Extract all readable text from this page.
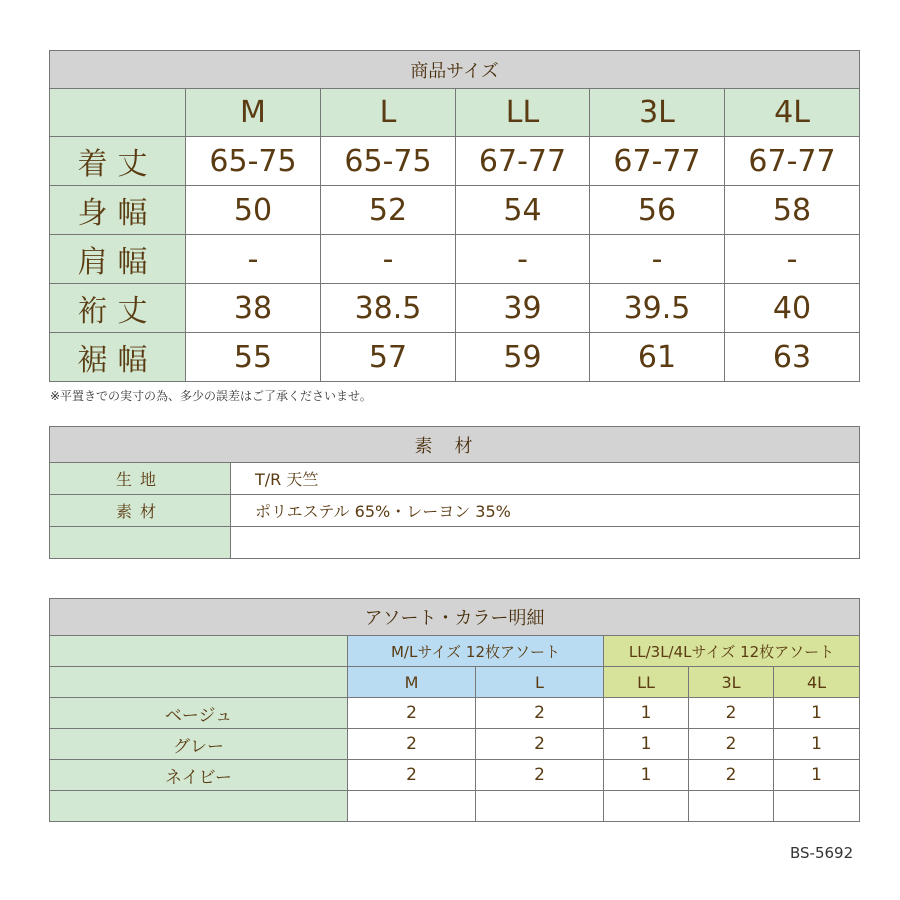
商品サイズ					
	M	L	LL	3L	4L
着丈	65-75	65-75	67-77	67-77	67-77
身幅	50	52	54	56	58
肩幅	-	-	-	-	-
裄丈	38	38.5	39	39.5	40
裾幅	55	57	59	61	63
※平置きでの実寸の為、多少の誤差はご了承くださいませ。
素材	
生地	T/R 天竺
素材	ポリエステル 65%・レーヨン 35%

アソート・カラー明細					
	M/Lサイズ 12枚アソート		LL/3L/4Lサイズ 12枚アソート		
	M	L	LL	3L	4L
ベージュ	2	2	1	2	1
グレー	2	2	1	2	1
ネイビー	2	2	1	2	1

BS-5692
